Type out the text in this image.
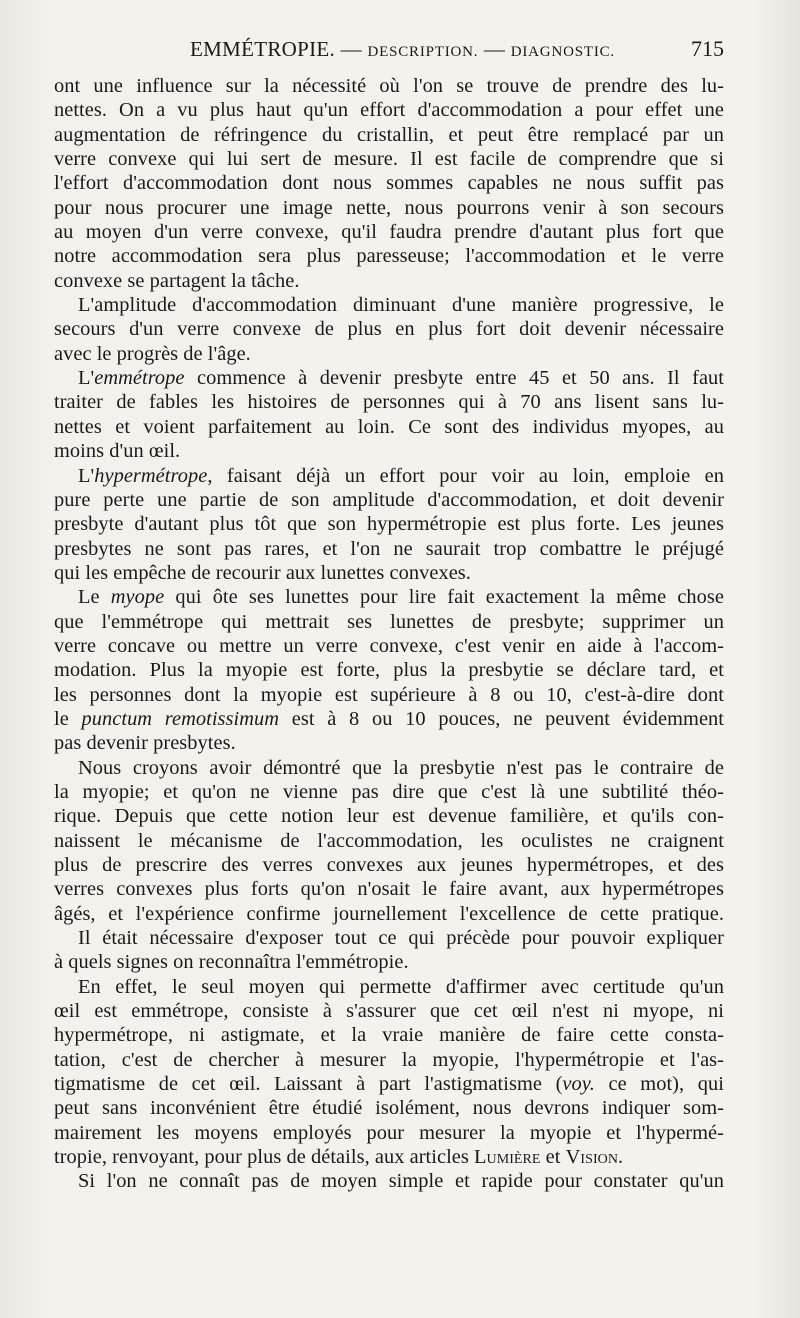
EMMÉTROPIE. — DESCRIPTION. — DIAGNOSTIC.	715
ont une influence sur la nécessité où l'on se trouve de prendre des lu-
nettes. On a vu plus haut qu'un effort d'accommodation a pour effet une
augmentation de réfringence du cristallin, et peut être remplacé par un
verre convexe qui lui sert de mesure. Il est facile de comprendre que si
l'effort d'accommodation dont nous sommes capables ne nous suffit pas
pour nous procurer une image nette, nous pourrons venir à son secours
au moyen d'un verre convexe, qu'il faudra prendre d'autant plus fort que
notre accommodation sera plus paresseuse; l'accommodation et le verre
convexe se partagent la tâche.
L'amplitude d'accommodation diminuant d'une manière progressive, le
secours d'un verre convexe de plus en plus fort doit devenir nécessaire
avec le progrès de l'âge.
L'emmétrope commence à devenir presbyte entre 45 et 50 ans. Il faut
traiter de fables les histoires de personnes qui à 70 ans lisent sans lu-
nettes et voient parfaitement au loin. Ce sont des individus myopes, au
moins d'un œil.
L'hypermétrope, faisant déjà un effort pour voir au loin, emploie en
pure perte une partie de son amplitude d'accommodation, et doit devenir
presbyte d'autant plus tôt que son hypermétropie est plus forte. Les jeunes
presbytes ne sont pas rares, et l'on ne saurait trop combattre le préjugé
qui les empêche de recourir aux lunettes convexes.
Le myope qui ôte ses lunettes pour lire fait exactement la même chose
que l'emmétrope qui mettrait ses lunettes de presbyte; supprimer un
verre concave ou mettre un verre convexe, c'est venir en aide à l'accom-
modation. Plus la myopie est forte, plus la presbytie se déclare tard, et
les personnes dont la myopie est supérieure à 8 ou 10, c'est-à-dire dont
le punctum remotissimum est à 8 ou 10 pouces, ne peuvent évidemment
pas devenir presbytes.
Nous croyons avoir démontré que la presbytie n'est pas le contraire de
la myopie; et qu'on ne vienne pas dire que c'est là une subtilité théo-
rique. Depuis que cette notion leur est devenue familière, et qu'ils con-
naissent le mécanisme de l'accommodation, les oculistes ne craignent
plus de prescrire des verres convexes aux jeunes hypermétropes, et des
verres convexes plus forts qu'on n'osait le faire avant, aux hypermétropes
âgés, et l'expérience confirme journellement l'excellence de cette pratique.
Il était nécessaire d'exposer tout ce qui précède pour pouvoir expliquer
à quels signes on reconnaîtra l'emmétropie.
En effet, le seul moyen qui permette d'affirmer avec certitude qu'un
œil est emmétrope, consiste à s'assurer que cet œil n'est ni myope, ni
hypermétrope, ni astigmate, et la vraie manière de faire cette consta-
tation, c'est de chercher à mesurer la myopie, l'hypermétropie et l'as-
tigmatisme de cet œil. Laissant à part l'astigmatisme (voy. ce mot), qui
peut sans inconvénient être étudié isolément, nous devrons indiquer som-
mairement les moyens employés pour mesurer la myopie et l'hypermé-
tropie, renvoyant, pour plus de détails, aux articles Lumière et Vision.
Si l'on ne connaît pas de moyen simple et rapide pour constater qu'un
